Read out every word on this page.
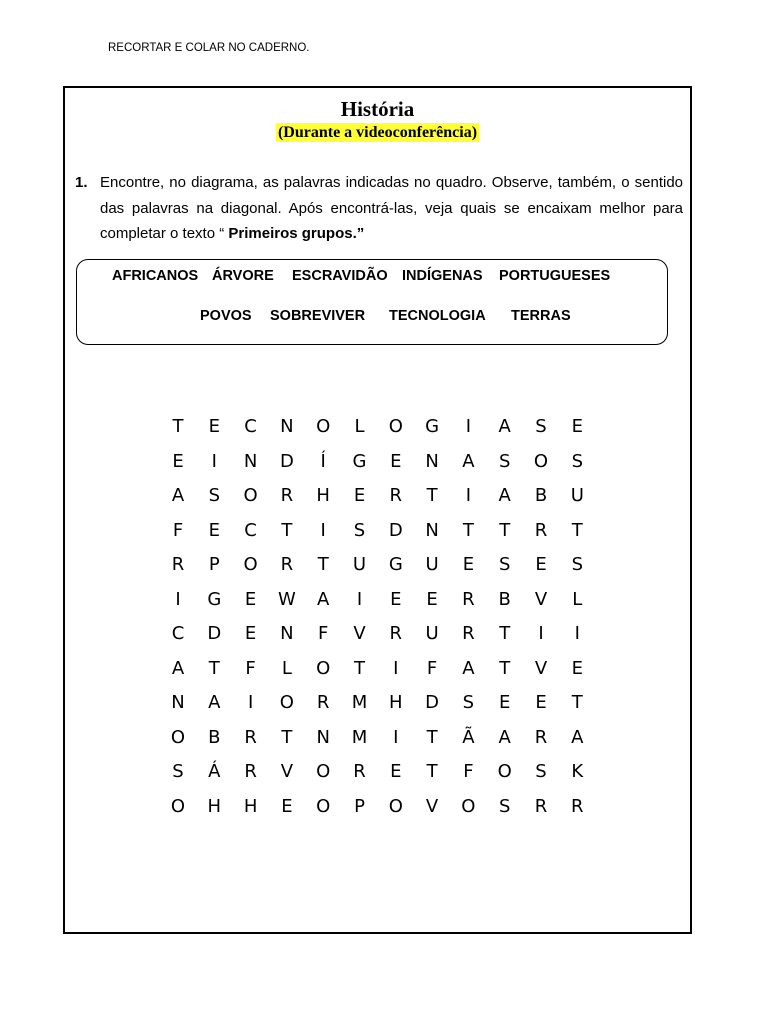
RECORTAR E COLAR NO CADERNO.
História
(Durante a videoconferência)
1. Encontre, no diagrama, as palavras indicadas no quadro. Observe, também, o sentido das palavras na diagonal. Após encontrá-las, veja quais se encaixam melhor para completar o texto “ Primeiros grupos.”
AFRICANOS ÁRVORE ESCRAVIDÃO INDÍGENAS PORTUGUESES
POVOS SOBREVIVER TECNOLOGIA TERRAS
T	E	C	N	O	L	O	G	I	A	S	E
E	I	N	D	Í	G	E	N	A	S	O	S
A	S	O	R	H	E	R	T	I	A	B	U
F	E	C	T	I	S	D	N	T	T	R	T
R	P	O	R	T	U	G	U	E	S	E	S
I	G	E	W	A	I	E	E	R	B	V	L
C	D	E	N	F	V	R	U	R	T	I	I
A	T	F	L	O	T	I	F	A	T	V	E
N	A	I	O	R	M	H	D	S	E	E	T
O	B	R	T	N	M	I	T	Ã	A	R	A
S	Á	R	V	O	R	E	T	F	O	S	K
O	H	H	E	O	P	O	V	O	S	R	R
